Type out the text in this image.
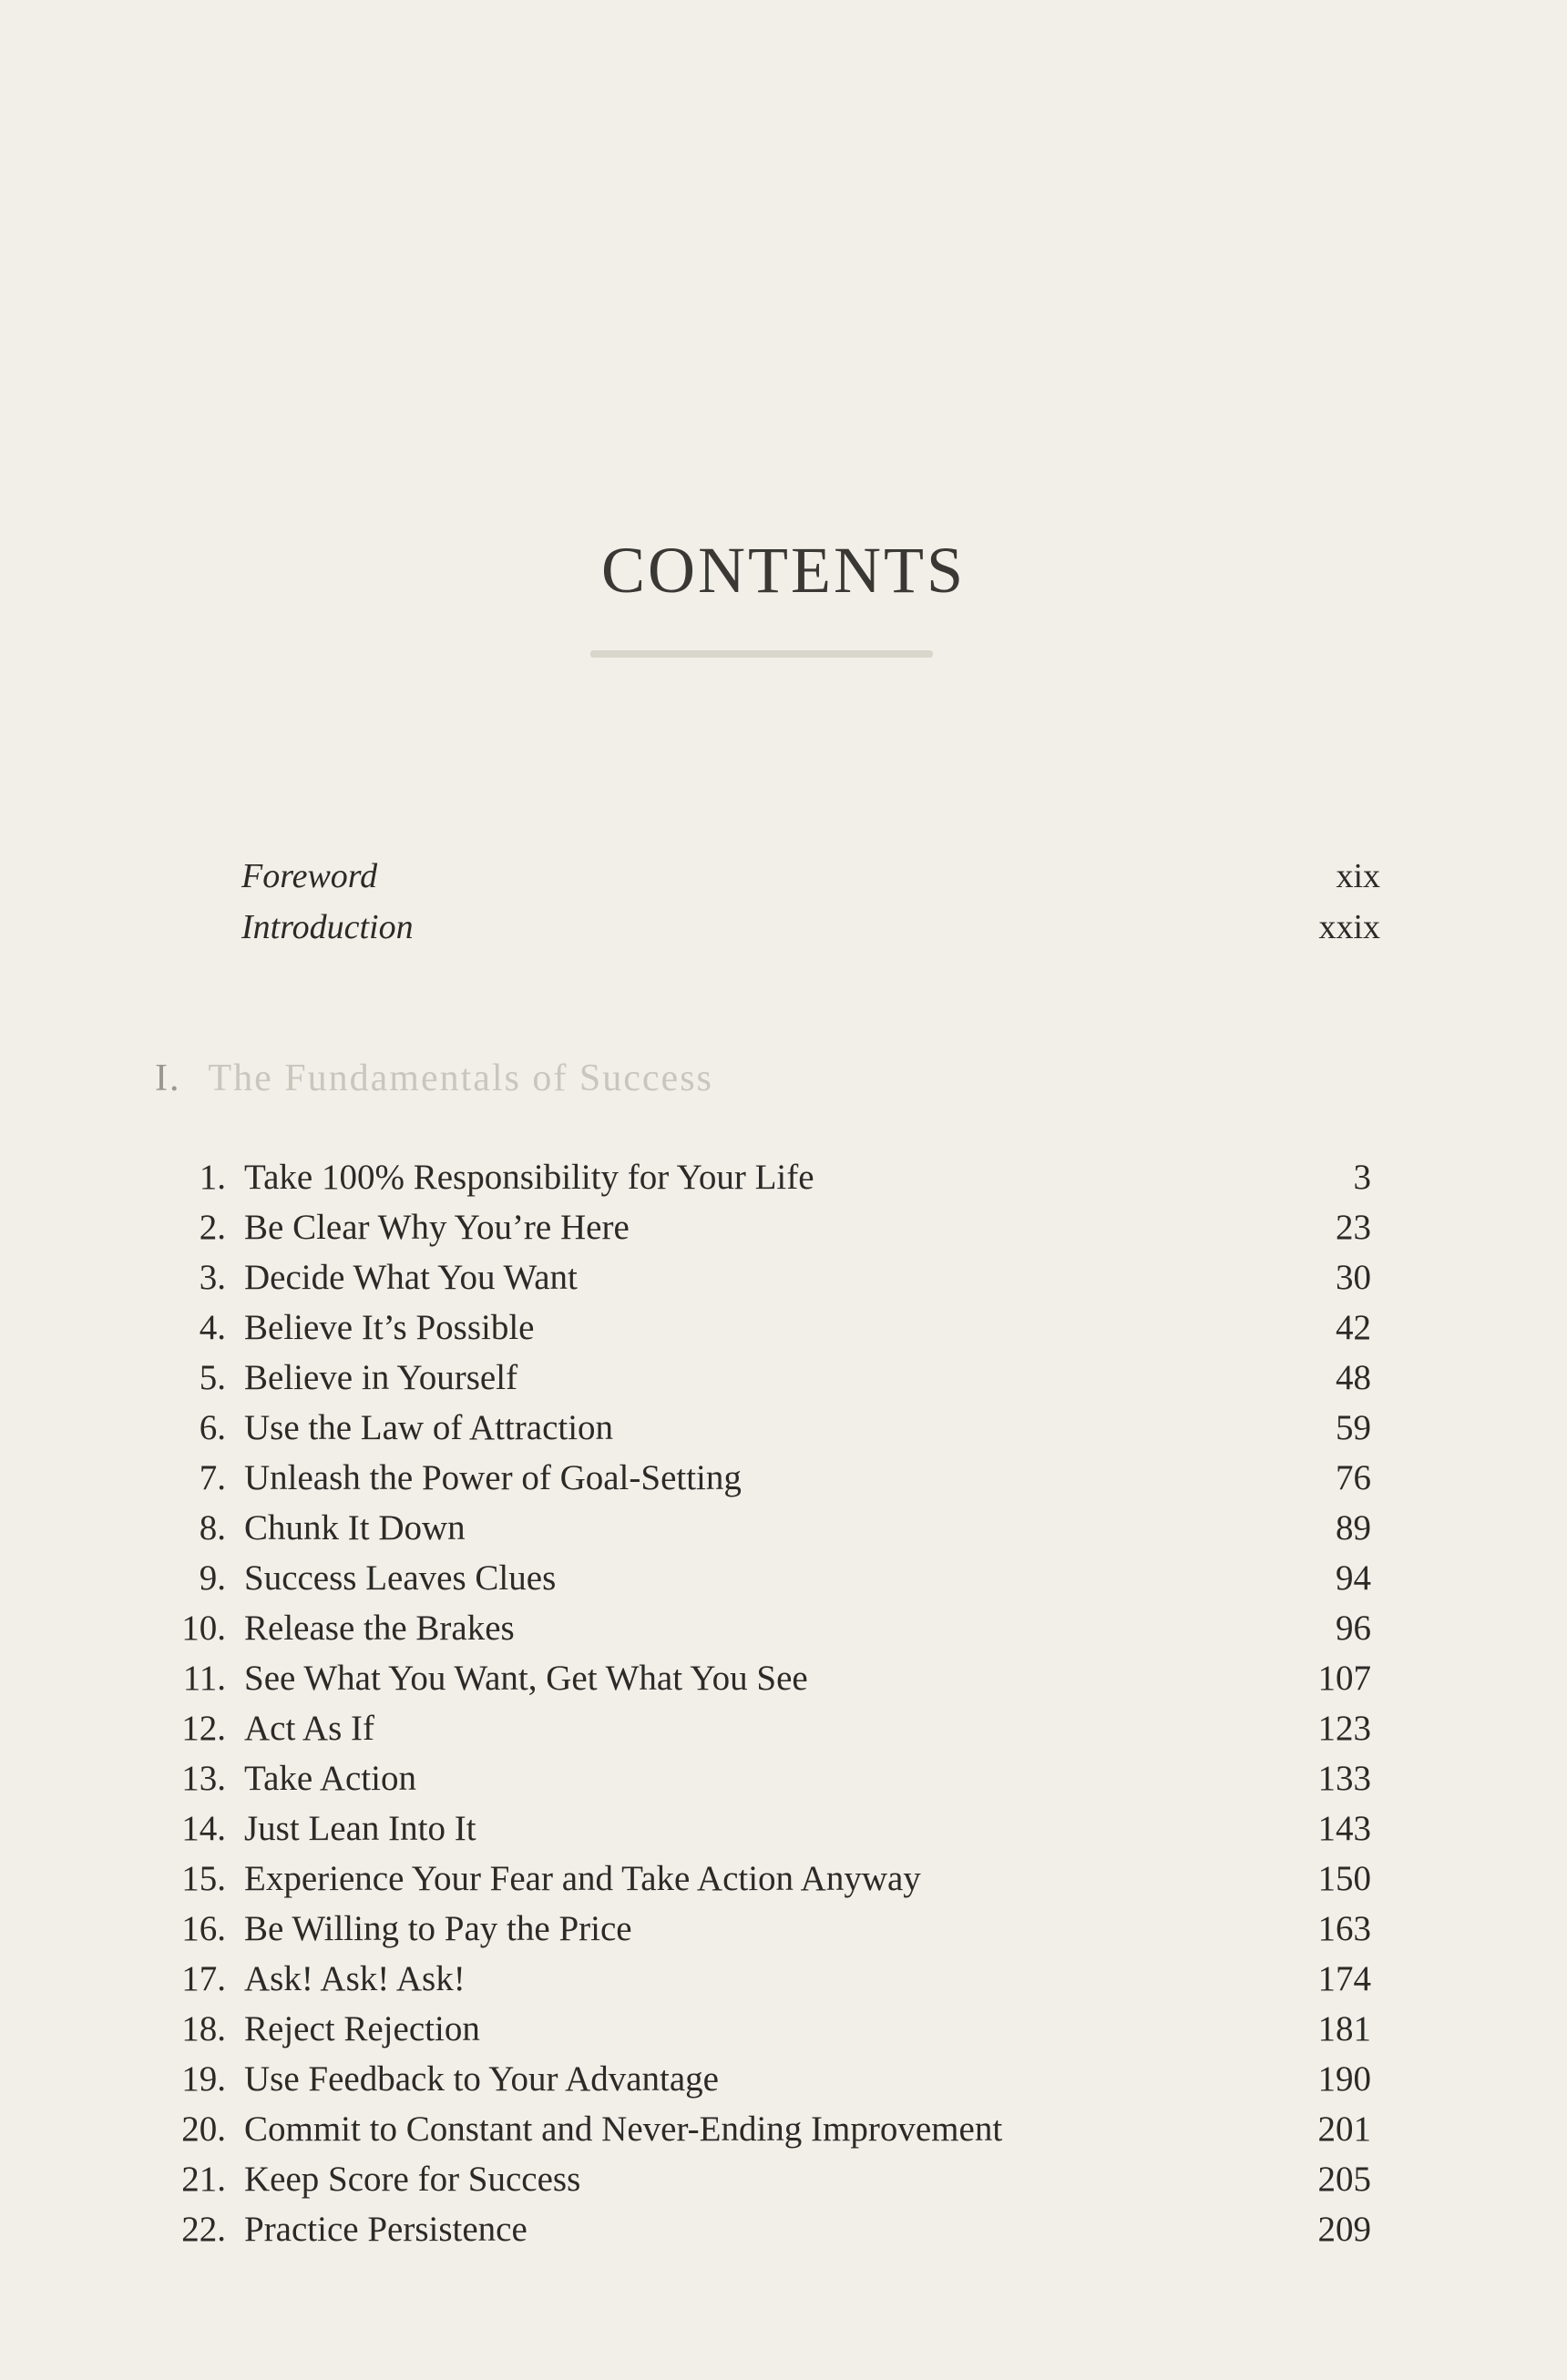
CONTENTS
Foreword	xix
Introduction	xxix
I. The Fundamentals of Success
1. Take 100% Responsibility for Your Life	3
2. Be Clear Why You’re Here	23
3. Decide What You Want	30
4. Believe It’s Possible	42
5. Believe in Yourself	48
6. Use the Law of Attraction	59
7. Unleash the Power of Goal-Setting	76
8. Chunk It Down	89
9. Success Leaves Clues	94
10. Release the Brakes	96
11. See What You Want, Get What You See	107
12. Act As If	123
13. Take Action	133
14. Just Lean Into It	143
15. Experience Your Fear and Take Action Anyway	150
16. Be Willing to Pay the Price	163
17. Ask! Ask! Ask!	174
18. Reject Rejection	181
19. Use Feedback to Your Advantage	190
20. Commit to Constant and Never-Ending Improvement	201
21. Keep Score for Success	205
22. Practice Persistence	209
